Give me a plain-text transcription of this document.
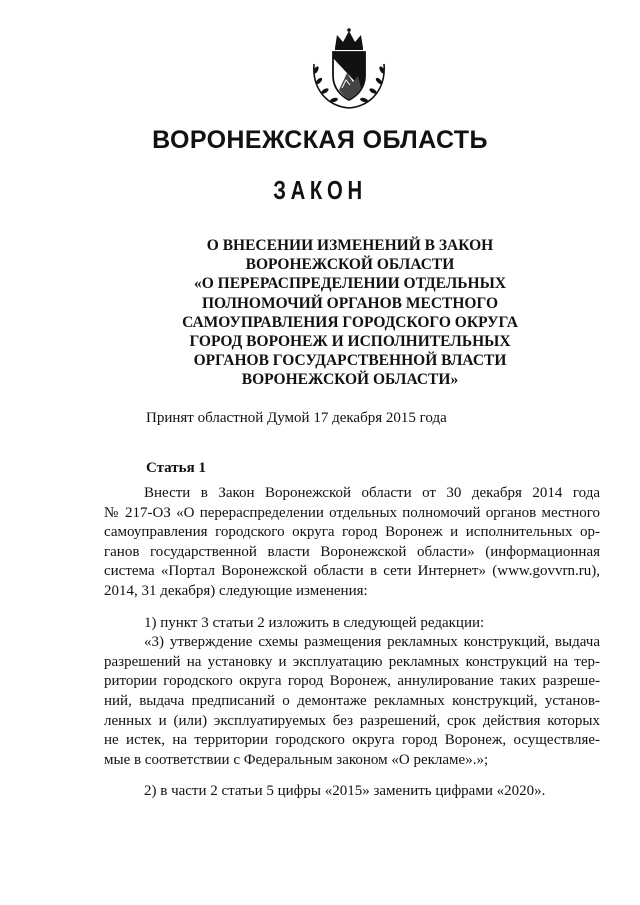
ВОРОНЕЖСКАЯ ОБЛАСТЬ
ЗАКОН
О ВНЕСЕНИИ ИЗМЕНЕНИЙ В ЗАКОН
ВОРОНЕЖСКОЙ ОБЛАСТИ
«О ПЕРЕРАСПРЕДЕЛЕНИИ ОТДЕЛЬНЫХ
ПОЛНОМОЧИЙ ОРГАНОВ МЕСТНОГО
САМОУПРАВЛЕНИЯ ГОРОДСКОГО ОКРУГА
ГОРОД ВОРОНЕЖ И ИСПОЛНИТЕЛЬНЫХ
ОРГАНОВ ГОСУДАРСТВЕННОЙ ВЛАСТИ
ВОРОНЕЖСКОЙ ОБЛАСТИ»
Принят областной Думой 17 декабря 2015 года
Статья 1
Внести в Закон Воронежской области от 30 декабря 2014 года
№ 217-ОЗ «О перераспределении отдельных полномочий органов местного
самоуправления городского округа город Воронеж и исполнительных ор-
ганов государственной власти Воронежской области» (информационная
система «Портал Воронежской области в сети Интернет» (www.govvrn.ru),
2014, 31 декабря) следующие изменения:
1) пункт 3 статьи 2 изложить в следующей редакции:
«3) утверждение схемы размещения рекламных конструкций, выдача
разрешений на установку и эксплуатацию рекламных конструкций на тер-
ритории городского округа город Воронеж, аннулирование таких разреше-
ний, выдача предписаний о демонтаже рекламных конструкций, установ-
ленных и (или) эксплуатируемых без разрешений, срок действия которых
не истек, на территории городского округа город Воронеж, осуществляе-
мые в соответствии с Федеральным законом «О рекламе».»;
2) в части 2 статьи 5 цифры «2015» заменить цифрами «2020».
